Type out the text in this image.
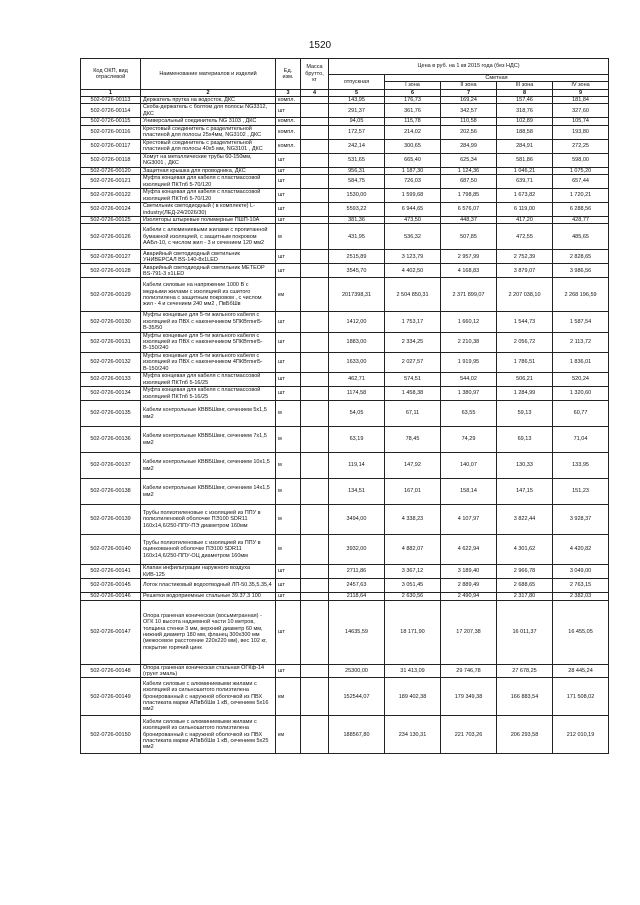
1520
Код ОКП, вид отраслевой	Наименование материалов и изделий	Ед. изм.	Масса брутто, кг	Цена в руб. на 1 кв 2015 года (без НДС)				
				отпускная	Сметная			
					I зона	II зона	III зона	IV зона
1	2	3	4	5	6	7	8	9
502-0726-00113	Держатель прутка на водосток, ДКС	компл.		143,95	176,73	169,24	157,46	181,84
502-0726-00114	Скоба-держатель с болтом для полосы NG3312, ДКС	шт		291,37	361,76	342,57	318,76	327,60
502-0726-00115	Универсальный соединитель NG 3103 , ДКС	компл.		94,05	115,78	110,58	102,89	105,74
502-0726-00116	Крестовый соединитель с разделительной пластиной для полосы 25х4мм, NG3102 , ДКС	компл.		172,57	214,02	202,56	188,58	193,80
502-0726-00117	Крестовый соединитель с разделительной пластиной для полосы 40х5 мм, NG3101 , ДКС	компл.		242,14	300,65	284,99	284,91	272,25
502-0726-00118	Хомут на металлические трубы 60-150мм, NG3001 , ДКС	шт		531,65	665,40	625,34	581,86	598,00
502-0726-00120	Защитная крышка для проводника, ДКС	шт		956,31	1 187,30	1 124,36	1 046,21	1 075,20
502-0726-00121	Муфта концевая для кабеля с пластмассовой изоляцией ПКТпб 5-70/120	шт		584,75	726,03	687,50	639,71	657,44
502-0726-00122	Муфта концевая для кабеля с пластмассовой изоляцией ПКТпб 5-70/120	шт		1530,00	1 599,68	1 798,85	1 673,82	1 720,21
502-0726-00124	Светильник светодиодный ( в комплекте) L-industry(ЛЕД-24/2026/30)	шт		5593,22	6 944,65	6 576,07	6 119,00	6 288,56
502-0726-00125	Изоляторы штыревые полимерные ПШП-10А	шт		381,36	473,50	448,37	417,20	428,77
502-0726-00126	Кабели с алюминиевыми жилами с пропитанной бумажной изоляцией, с защитным покровом ААБл-10, с числом жил - 3 и сечением 120 мм2	м		431,95	536,32	507,85	472,55	485,65
502-0726-00127	Аварийный светодиодный светильник УНИВЕРСАЛ BS-140-8х1LED	шт		2515,89	3 123,79	2 957,99	2 752,39	2 828,65
502-0726-00128	Аварийный светодиодный светильник МЕТЕОР BS-791-3 х1LED	шт		3545,70	4 402,50	4 168,83	3 879,07	3 986,56
502-0726-00129	Кабели силовые на напряжение 1000 В с медными жилами с изоляцией из сшитого полиэтилена с защитным покровом , с числом жил - 4 и сечением 240 мм2 , ПвБбШв	км		2017398,31	2 504 850,31	2 371 899,07	2 207 038,10	2 268 196,59
502-0726-00130	Муфты концевые для 5-ти жильного кабеля с изоляцией из ПВХ с наконечником 5ПКВтпнгБ-В-35/50	шт		1412,00	1 753,17	1 660,12	1 544,73	1 587,54
502-0726-00131	Муфты концевые для 5-ти жильного кабеля с изоляцией из ПВХ с наконечником 5ПКВтпнгБ-В-150/240	шт		1883,00	2 334,25	2 210,38	2 056,72	2 113,72
502-0726-00132	Муфты концевые для 5-ти жильного кабеля с изоляцией из ПВХ с наконечником 4ПКВтпнгБ-В-150/240	шт		1633,00	2 027,57	1 919,95	1 786,51	1 836,01
502-0726-00133	Муфта концевая для кабеля с пластмассовой изоляцией ПКТпб 5-16/25	шт		462,71	574,51	544,02	506,21	520,24
502-0726-00134	Муфта концевая для кабеля с пластмассовой изоляцией ПКТпб 5-16/25	шт		1174,58	1 458,38	1 380,97	1 284,99	1 320,60
502-0726-00135	Кабели контрольные КВВБШвнг, сечением 5х1,5 мм2	м		54,05	67,11	63,55	59,13	60,77
502-0726-00136	Кабели контрольные КВВБШвнг, сечением 7х1,5 мм2	м		63,19	78,45	74,29	69,13	71,04
502-0726-00137	Кабели контрольные КВВБШвнг, сечением 10х1,5 мм2	м		119,14	147,92	140,07	130,33	133,95
502-0726-00138	Кабели контрольные КВВБШвнг, сечением 14х1,5 мм2	м		134,51	167,01	158,14	147,15	151,23
502-0726-00139	Трубы полиэтиленовые с изоляцией из ППУ в полиэтиленовой оболочке ПЭ100 SDR11 160х14,6/250-ППУ-ПЭ диаметром 160мм	м		3494,00	4 338,23	4 107,97	3 822,44	3 928,37
502-0726-00140	Трубы полиэтиленовые с изоляцией из ППУ в оцинкованной оболочке ПЭ100 SDR11 160х14,6/250-ППУ-ОЦ диаметром 160мм	м		3932,00	4 882,07	4 622,94	4 301,62	4 420,82
502-0726-00141	Клапан инфильтрации наружного воздуха КИВ-125	шт		2711,86	3 367,12	3 189,40	2 966,78	3 049,00
502-0726-00145	Лоток пластиковый водоотводный ЛП-50.35,5.35,4	шт		2457,63	3 051,45	2 889,49	2 688,65	2 763,15
502-0726-00146	Решетки водоприемные стальные 39.37.3 100	шт		2118,64	2 630,56	2 490,94	2 317,80	2 382,03
502-0726-00147	Опора граненая коническая (восьмигранная) - ОГК 10 высота надземной части 10 метров, толщина стенки 3 мм, верхний диаметр 60 мм, нижний диаметр 180 мм, фланец 300х300 мм (межосевое расстояние 220х220 мм), вес 102 кг, покрытие горячий цинк	шт		14635,59	18 171,90	17 207,38	16 011,37	16 455,05
502-0726-00148	Опора граненая коническая стальная ОГКф-14 (грунт эмаль)	шт		25300,00	31 413,09	29 746,78	27 678,25	28 445,24
502-0726-00149	Кабели силовые с алюминиевыми жилами с изоляцией из сильношитого полиэтилена бронированный с наружной оболочкой из ПВХ пластиката марки АПвБбШв 1 кВ, сечением 5х16 мм2	км		152544,07	189 402,38	179 349,38	166 883,54	171 508,02
502-0726-00150	Кабели силовые с алюминиевыми жилами с изоляцией из сильношитого полиэтилена бронированный с наружной оболочкой из ПВХ пластиката марки АПвБбШв 1 кВ, сечением 5х25 мм2	км		188567,80	234 130,31	221 703,26	206 293,58	212 010,19
